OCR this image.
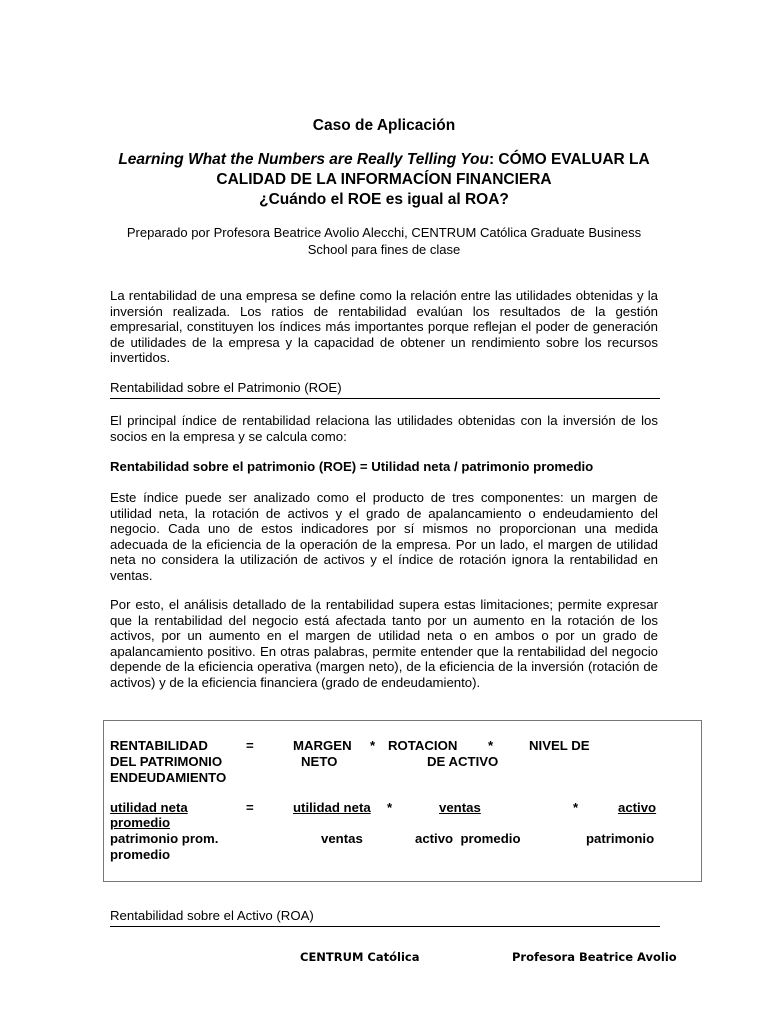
Caso de Aplicación
Learning What the Numbers are Really Telling You: CÓMO EVALUAR LA CALIDAD DE LA INFORMACÍON FINANCIERA
¿Cuándo el ROE es igual al ROA?
Preparado por Profesora Beatrice Avolio Alecchi, CENTRUM Católica Graduate Business School para fines de clase
La rentabilidad de una empresa se define como la relación entre las utilidades obtenidas y la inversión realizada. Los ratios de rentabilidad evalúan los resultados de la gestión empresarial, constituyen los índices más importantes porque reflejan el poder de generación de utilidades de la empresa y la capacidad de obtener un rendimiento sobre los recursos invertidos.
Rentabilidad sobre el Patrimonio (ROE)
El principal índice de rentabilidad relaciona las utilidades obtenidas con la inversión de los socios en la empresa y se calcula como:
Rentabilidad sobre el patrimonio (ROE) = Utilidad neta / patrimonio promedio
Este índice puede ser analizado como el producto de tres componentes: un margen de utilidad neta, la rotación de activos y el grado de apalancamiento o endeudamiento del negocio. Cada uno de estos indicadores por sí mismos no proporcionan una medida adecuada de la eficiencia de la operación de la empresa. Por un lado, el margen de utilidad neta no considera la utilización de activos y el índice de rotación ignora la rentabilidad en ventas.
Por esto, el análisis detallado de la rentabilidad supera estas limitaciones; permite expresar que la rentabilidad del negocio está afectada tanto por un aumento en la rotación de los activos, por un aumento en el margen de utilidad neta o en ambos o por un grado de apalancamiento positivo. En otras palabras, permite entender que la rentabilidad del negocio depende de la eficiencia operativa (margen neto), de la eficiencia de la inversión (rotación de activos) y de la eficiencia financiera (grado de endeudamiento).
RENTABILIDAD	=	MARGEN * ROTACION *	NIVEL DE
DEL PATRIMONIO	NETO	DE ACTIVO
ENDEUDAMIENTO
utilidad neta	=	utilidad neta *	ventas	*	activo
promedio
patrimonio prom.	ventas	activo  promedio	patrimonio
promedio
Rentabilidad sobre el Activo (ROA)
CENTRUM Católica	Profesora Beatrice Avolio
